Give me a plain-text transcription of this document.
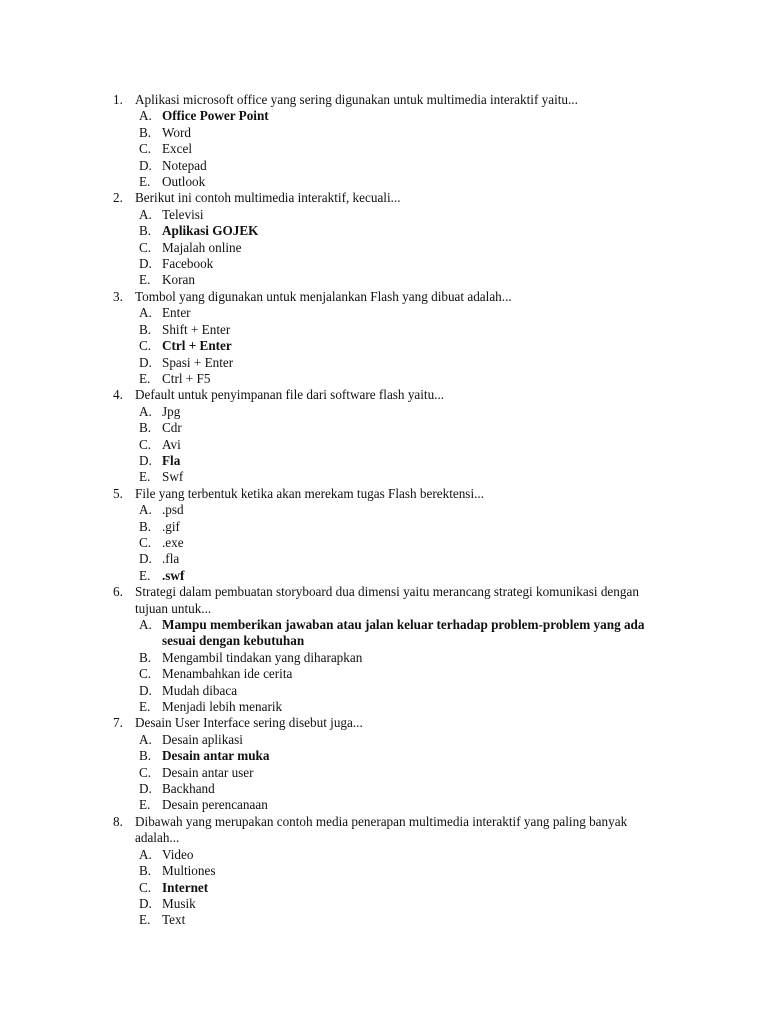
1. Aplikasi microsoft office yang sering digunakan untuk multimedia interaktif yaitu...
A. Office Power Point
B. Word
C. Excel
D. Notepad
E. Outlook
2. Berikut ini contoh multimedia interaktif, kecuali...
A. Televisi
B. Aplikasi GOJEK
C. Majalah online
D. Facebook
E. Koran
3. Tombol yang digunakan untuk menjalankan Flash yang dibuat adalah...
A. Enter
B. Shift + Enter
C. Ctrl + Enter
D. Spasi + Enter
E. Ctrl + F5
4. Default untuk penyimpanan file dari software flash yaitu...
A. Jpg
B. Cdr
C. Avi
D. Fla
E. Swf
5. File yang terbentuk ketika akan merekam tugas Flash berektensi...
A. .psd
B. .gif
C. .exe
D. .fla
E. .swf
6. Strategi dalam pembuatan storyboard dua dimensi yaitu merancang strategi komunikasi dengan tujuan untuk...
A. Mampu memberikan jawaban atau jalan keluar terhadap problem-problem yang ada sesuai dengan kebutuhan
B. Mengambil tindakan yang diharapkan
C. Menambahkan ide cerita
D. Mudah dibaca
E. Menjadi lebih menarik
7. Desain User Interface sering disebut juga...
A. Desain aplikasi
B. Desain antar muka
C. Desain antar user
D. Backhand
E. Desain perencanaan
8. Dibawah yang merupakan contoh media penerapan multimedia interaktif yang paling banyak adalah...
A. Video
B. Multiones
C. Internet
D. Musik
E. Text
